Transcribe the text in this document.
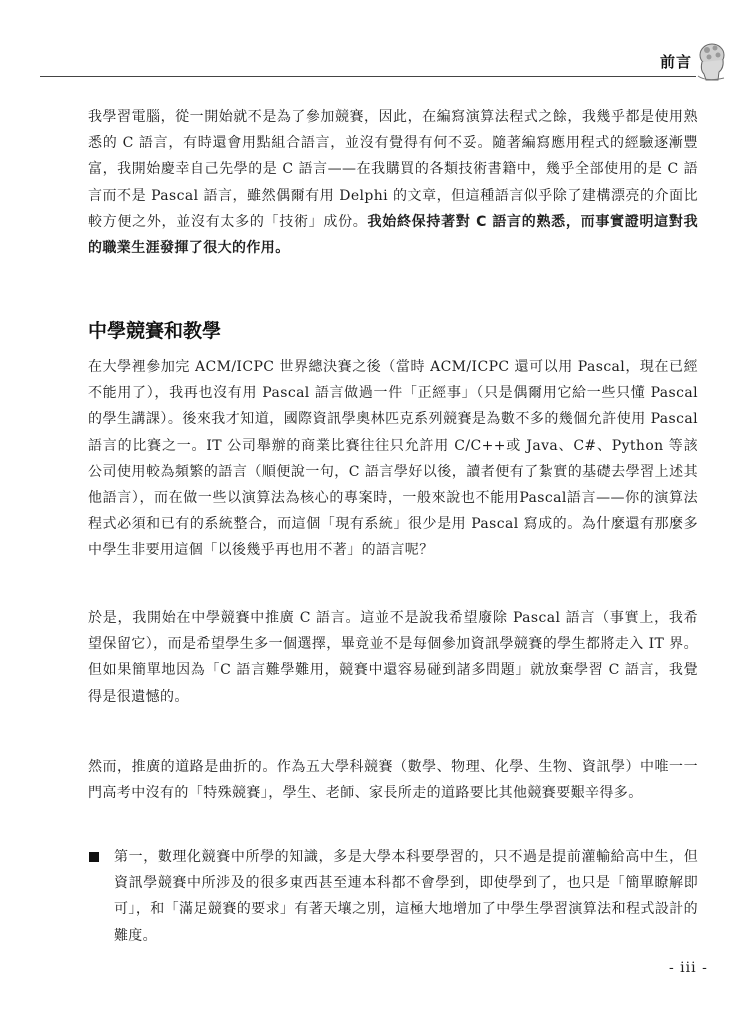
前言

我學習電腦，從一開始就不是為了參加競賽，因此，在編寫演算法程式之餘，我幾乎都是使用熟悉的 C 語言，有時還會用點組合語言，並沒有覺得有何不妥。隨著編寫應用程式的經驗逐漸豐富，我開始慶幸自己先學的是 C 語言——在我購買的各類技術書籍中，幾乎全部使用的是 C 語言而不是 Pascal 語言，雖然偶爾有用 Delphi 的文章，但這種語言似乎除了建構漂亮的介面比較方便之外，並沒有太多的「技術」成份。我始終保持著對 C 語言的熟悉，而事實證明這對我的職業生涯發揮了很大的作用。

中學競賽和教學

在大學裡參加完 ACM/ICPC 世界總決賽之後（當時 ACM/ICPC 還可以用 Pascal，現在已經不能用了），我再也沒有用 Pascal 語言做過一件「正經事」（只是偶爾用它給一些只懂 Pascal 的學生講課）。後來我才知道，國際資訊學奧林匹克系列競賽是為數不多的幾個允許使用 Pascal 語言的比賽之一。IT 公司舉辦的商業比賽往往只允許用 C/C++或 Java、C#、Python 等該公司使用較為頻繁的語言（順便說一句，C 語言學好以後，讀者便有了紮實的基礎去學習上述其他語言），而在做一些以演算法為核心的專案時，一般來說也不能用Pascal語言——你的演算法程式必須和已有的系統整合，而這個「現有系統」很少是用 Pascal 寫成的。為什麼還有那麼多中學生非要用這個「以後幾乎再也用不著」的語言呢？

於是，我開始在中學競賽中推廣 C 語言。這並不是說我希望廢除 Pascal 語言（事實上，我希望保留它），而是希望學生多一個選擇，畢竟並不是每個參加資訊學競賽的學生都將走入 IT 界。但如果簡單地因為「C 語言難學難用，競賽中還容易碰到諸多問題」就放棄學習 C 語言，我覺得是很遺憾的。

然而，推廣的道路是曲折的。作為五大學科競賽（數學、物理、化學、生物、資訊學）中唯一一門高考中沒有的「特殊競賽」，學生、老師、家長所走的道路要比其他競賽要艱辛得多。

第一，數理化競賽中所學的知識，多是大學本科要學習的，只不過是提前灌輸給高中生，但資訊學競賽中所涉及的很多東西甚至連本科都不會學到，即使學到了，也只是「簡單瞭解即可」，和「滿足競賽的要求」有著天壤之別，這極大地增加了中學生學習演算法和程式設計的難度。

- iii -
